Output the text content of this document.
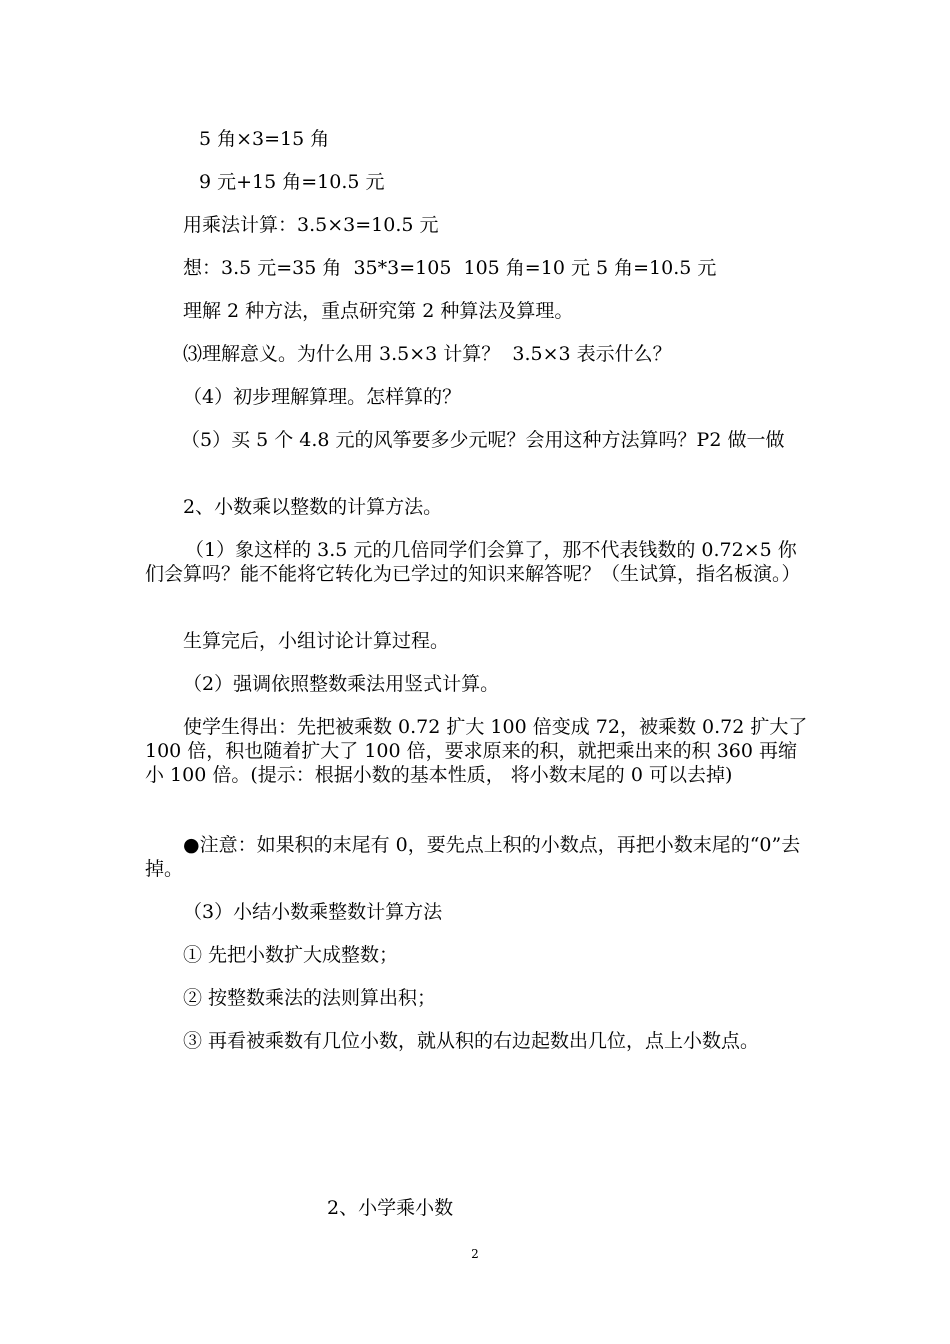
5 角×3=15 角
9 元+15 角=10.5 元
用乘法计算：3.5×3=10.5 元
想：3.5 元=35 角  35*3=105  105 角=10 元 5 角=10.5 元
理解 2 种方法，重点研究第 2 种算法及算理。
⑶理解意义。为什么用 3.5×3 计算？  3.5×3 表示什么？
（4）初步理解算理。怎样算的？
（5）买 5 个 4.8 元的风筝要多少元呢？会用这种方法算吗？P2 做一做
2、小数乘以整数的计算方法。
（1）象这样的 3.5 元的几倍同学们会算了，那不代表钱数的 0.72×5 你们会算吗？能不能将它转化为已学过的知识来解答呢？（生试算，指名板演。）
生算完后，小组讨论计算过程。
（2）强调依照整数乘法用竖式计算。
使学生得出：先把被乘数 0.72 扩大 100 倍变成 72，被乘数 0.72 扩大了 100 倍，积也随着扩大了 100 倍，要求原来的积，就把乘出来的积 360 再缩小 100 倍。(提示：根据小数的基本性质， 将小数末尾的 0 可以去掉)
●注意：如果积的末尾有 0，要先点上积的小数点，再把小数末尾的“0”去掉。
（3）小结小数乘整数计算方法
① 先把小数扩大成整数；
② 按整数乘法的法则算出积；
③ 再看被乘数有几位小数，就从积的右边起数出几位，点上小数点。
2、小学乘小数
2
